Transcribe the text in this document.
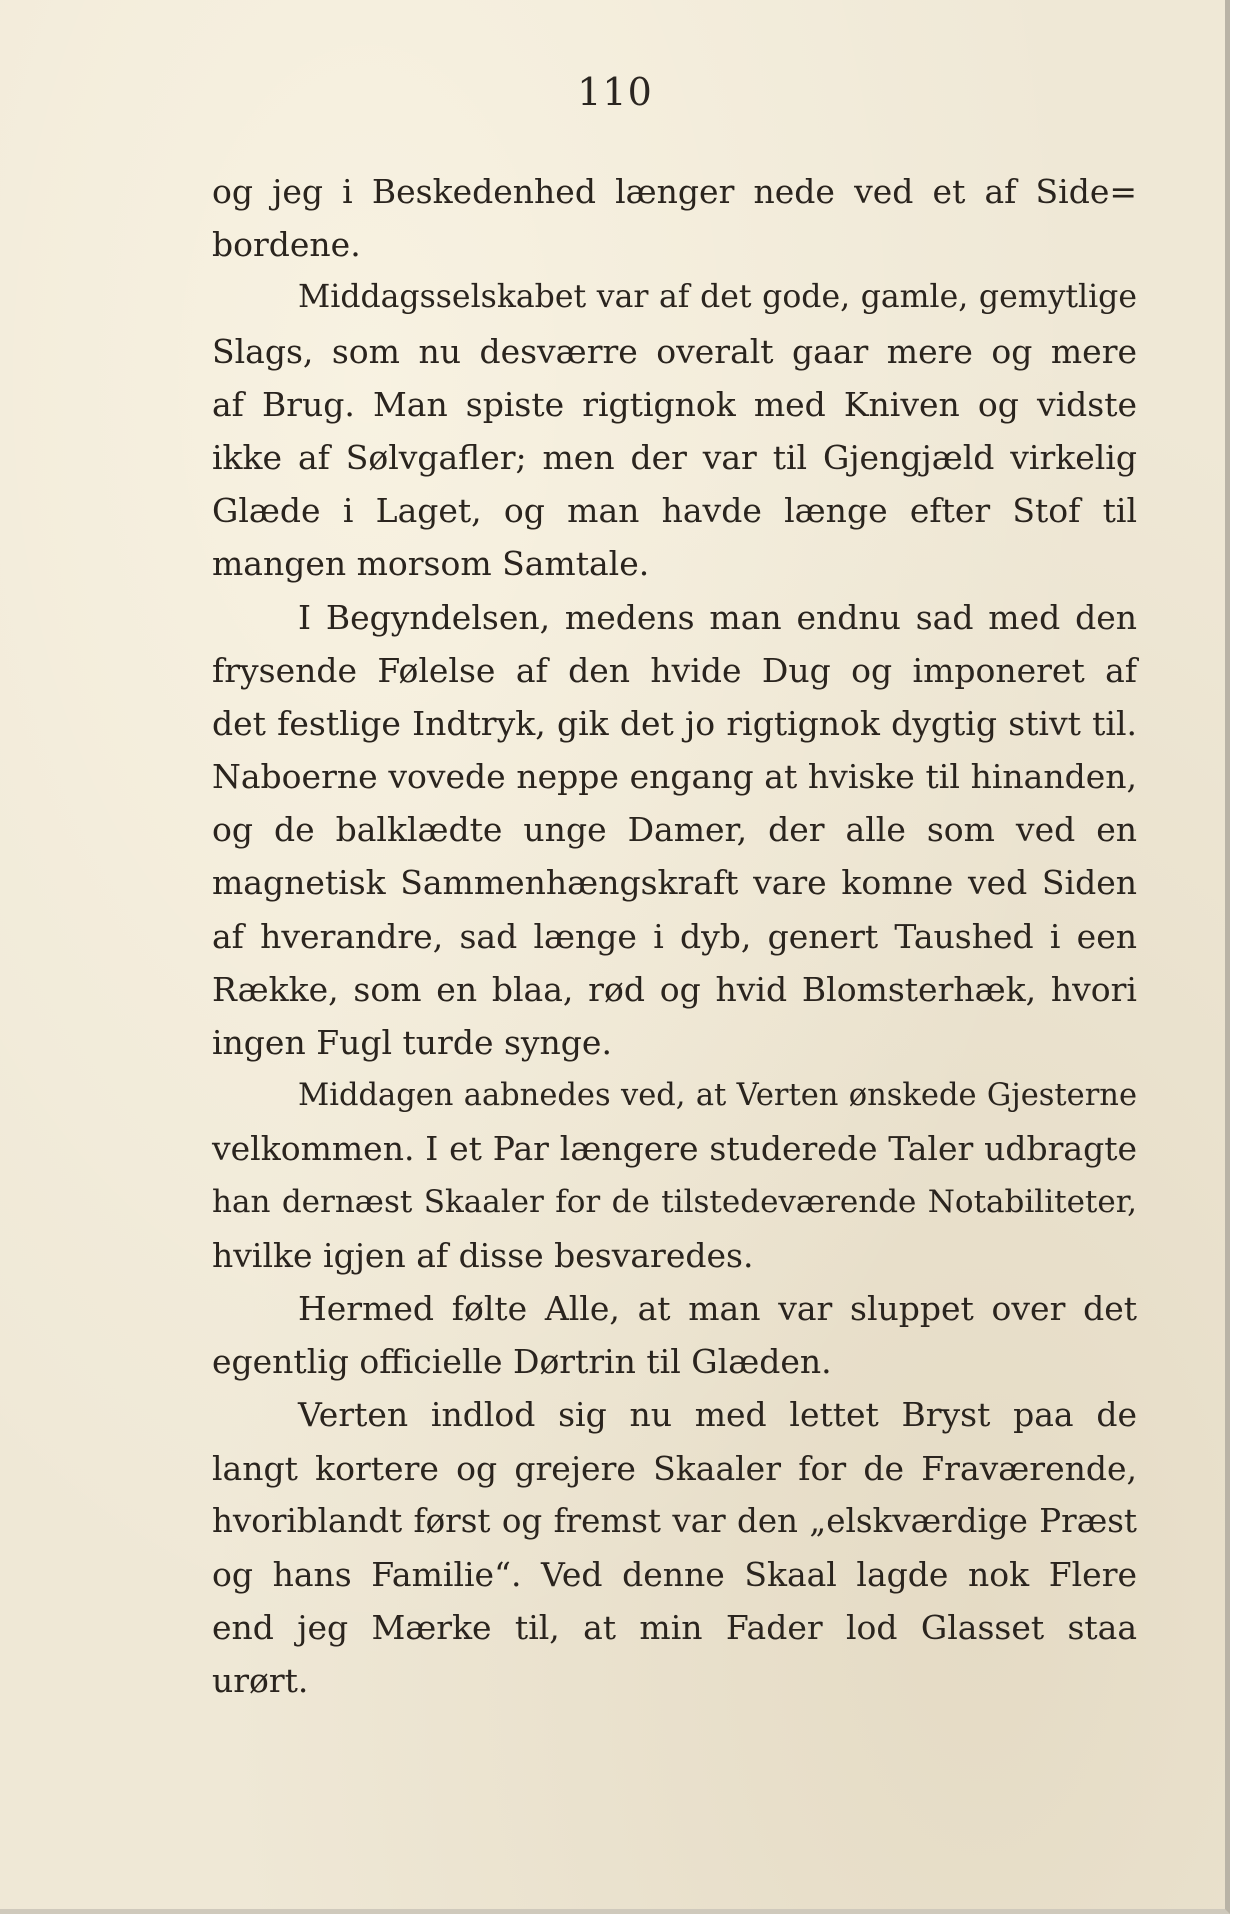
110
og jeg i Beskedenhed længer nede ved et af Side=
bordene.
Middagsselskabet var af det gode, gamle, gemytlige
Slags, som nu desværre overalt gaar mere og mere
af Brug. Man spiste rigtignok med Kniven og vidste
ikke af Sølvgafler; men der var til Gjengjæld virkelig
Glæde i Laget, og man havde længe efter Stof til
mangen morsom Samtale.
I Begyndelsen, medens man endnu sad med den
frysende Følelse af den hvide Dug og imponeret af
det festlige Indtryk, gik det jo rigtignok dygtig stivt til.
Naboerne vovede neppe engang at hviske til hinanden,
og de balklædte unge Damer, der alle som ved en
magnetisk Sammenhængskraft vare komne ved Siden
af hverandre, sad længe i dyb, genert Taushed i een
Række, som en blaa, rød og hvid Blomsterhæk, hvori
ingen Fugl turde synge.
Middagen aabnedes ved, at Verten ønskede Gjesterne
velkommen. I et Par længere studerede Taler udbragte
han dernæst Skaaler for de tilstedeværende Notabiliteter,
hvilke igjen af disse besvaredes.
Hermed følte Alle, at man var sluppet over det
egentlig officielle Dørtrin til Glæden.
Verten indlod sig nu med lettet Bryst paa de
langt kortere og grejere Skaaler for de Fraværende,
hvoriblandt først og fremst var den „elskværdige Præst
og hans Familie“. Ved denne Skaal lagde nok Flere
end jeg Mærke til, at min Fader lod Glasset staa
urørt.
